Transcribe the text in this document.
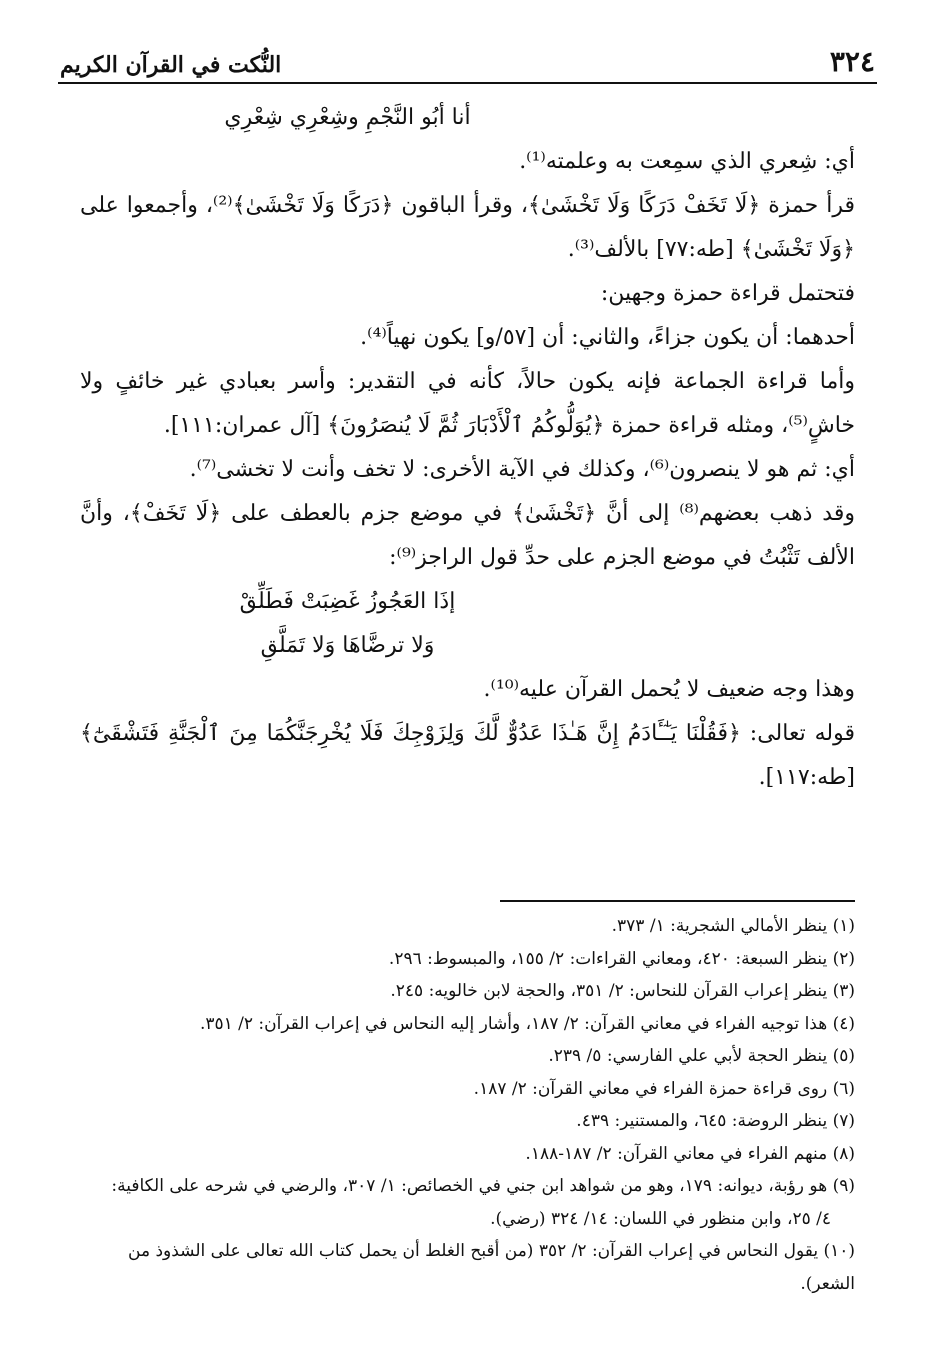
٣٢٤
النُّكت في القرآن الكريم

أنا أبُو النَّجْمِ وشِعْرِي شِعْرِي

أي: شِعري الذي سمِعت به وعلمته⁽¹⁾.

قرأ حمزة ﴿لَا تَخَفْ دَرَكًا وَلَا تَخْشَىٰ﴾، وقرأ الباقون ﴿دَرَكًا وَلَا تَخْشَىٰ﴾⁽²⁾، وأجمعوا على ﴿وَلَا تَخْشَىٰ﴾ [طه:٧٧] بالألف⁽³⁾.

فتحتمل قراءة حمزة وجهين:

أحدهما: أن يكون جزاءً، والثاني: أن [٥٧/و] يكون نهياً⁽⁴⁾.

وأما قراءة الجماعة فإنه يكون حالاً، كأنه في التقدير: وأسر بعبادي غير خائفٍ ولا خاشٍ⁽⁵⁾، ومثله قراءة حمزة ﴿يُوَلُّوكُمُ ٱلْأَدْبَارَ ثُمَّ لَا يُنصَرُونَ﴾ [آل عمران:١١١].

أي: ثم هو لا ينصرون⁽⁶⁾، وكذلك في الآية الأخرى: لا تخف وأنت لا تخشى⁽⁷⁾.

وقد ذهب بعضهم⁽⁸⁾ إلى أنَّ ﴿تَخْشَىٰ﴾ في موضع جزم بالعطف على ﴿لَا تَخَفْ﴾، وأنَّ الألف تَثْبُتُ في موضع الجزم على حدِّ قول الراجز⁽⁹⁾:

إذَا العَجُوزُ غَضِبَتْ فَطَلِّقْ

وَلا ترضَّاهَا وَلا تَمَلَّقِ

وهذا وجه ضعيف لا يُحمل القرآن عليه⁽¹⁰⁾.

قوله تعالى: ﴿فَقُلْنَا يَـٰٓـَٔادَمُ إِنَّ هَـٰذَا عَدُوٌّ لَّكَ وَلِزَوْجِكَ فَلَا يُخْرِجَنَّكُمَا مِنَ ٱلْجَنَّةِ فَتَشْقَىٰٓ﴾ [طه:١١٧].

(١) ينظر الأمالي الشجرية: ١/ ٣٧٣.

(٢) ينظر السبعة: ٤٢٠، ومعاني القراءات: ٢/ ١٥٥، والمبسوط: ٢٩٦.

(٣) ينظر إعراب القرآن للنحاس: ٢/ ٣٥١، والحجة لابن خالويه: ٢٤٥.

(٤) هذا توجيه الفراء في معاني القرآن: ٢/ ١٨٧، وأشار إليه النحاس في إعراب القرآن: ٢/ ٣٥١.

(٥) ينظر الحجة لأبي علي الفارسي: ٥/ ٢٣٩.

(٦) روى قراءة حمزة الفراء في معاني القرآن: ٢/ ١٨٧.

(٧) ينظر الروضة: ٦٤٥، والمستنير: ٤٣٩.

(٨) منهم الفراء في معاني القرآن: ٢/ ١٨٧-١٨٨.

(٩) هو رؤبة، ديوانه: ١٧٩، وهو من شواهد ابن جني في الخصائص: ١/ ٣٠٧، والرضي في شرحه على الكافية:

٤/ ٢٥، وابن منظور في اللسان: ١٤/ ٣٢٤ (رضي).

(١٠) يقول النحاس في إعراب القرآن: ٢/ ٣٥٢ (من أقبح الغلط أن يحمل كتاب الله تعالى على الشذوذ من الشعر).
